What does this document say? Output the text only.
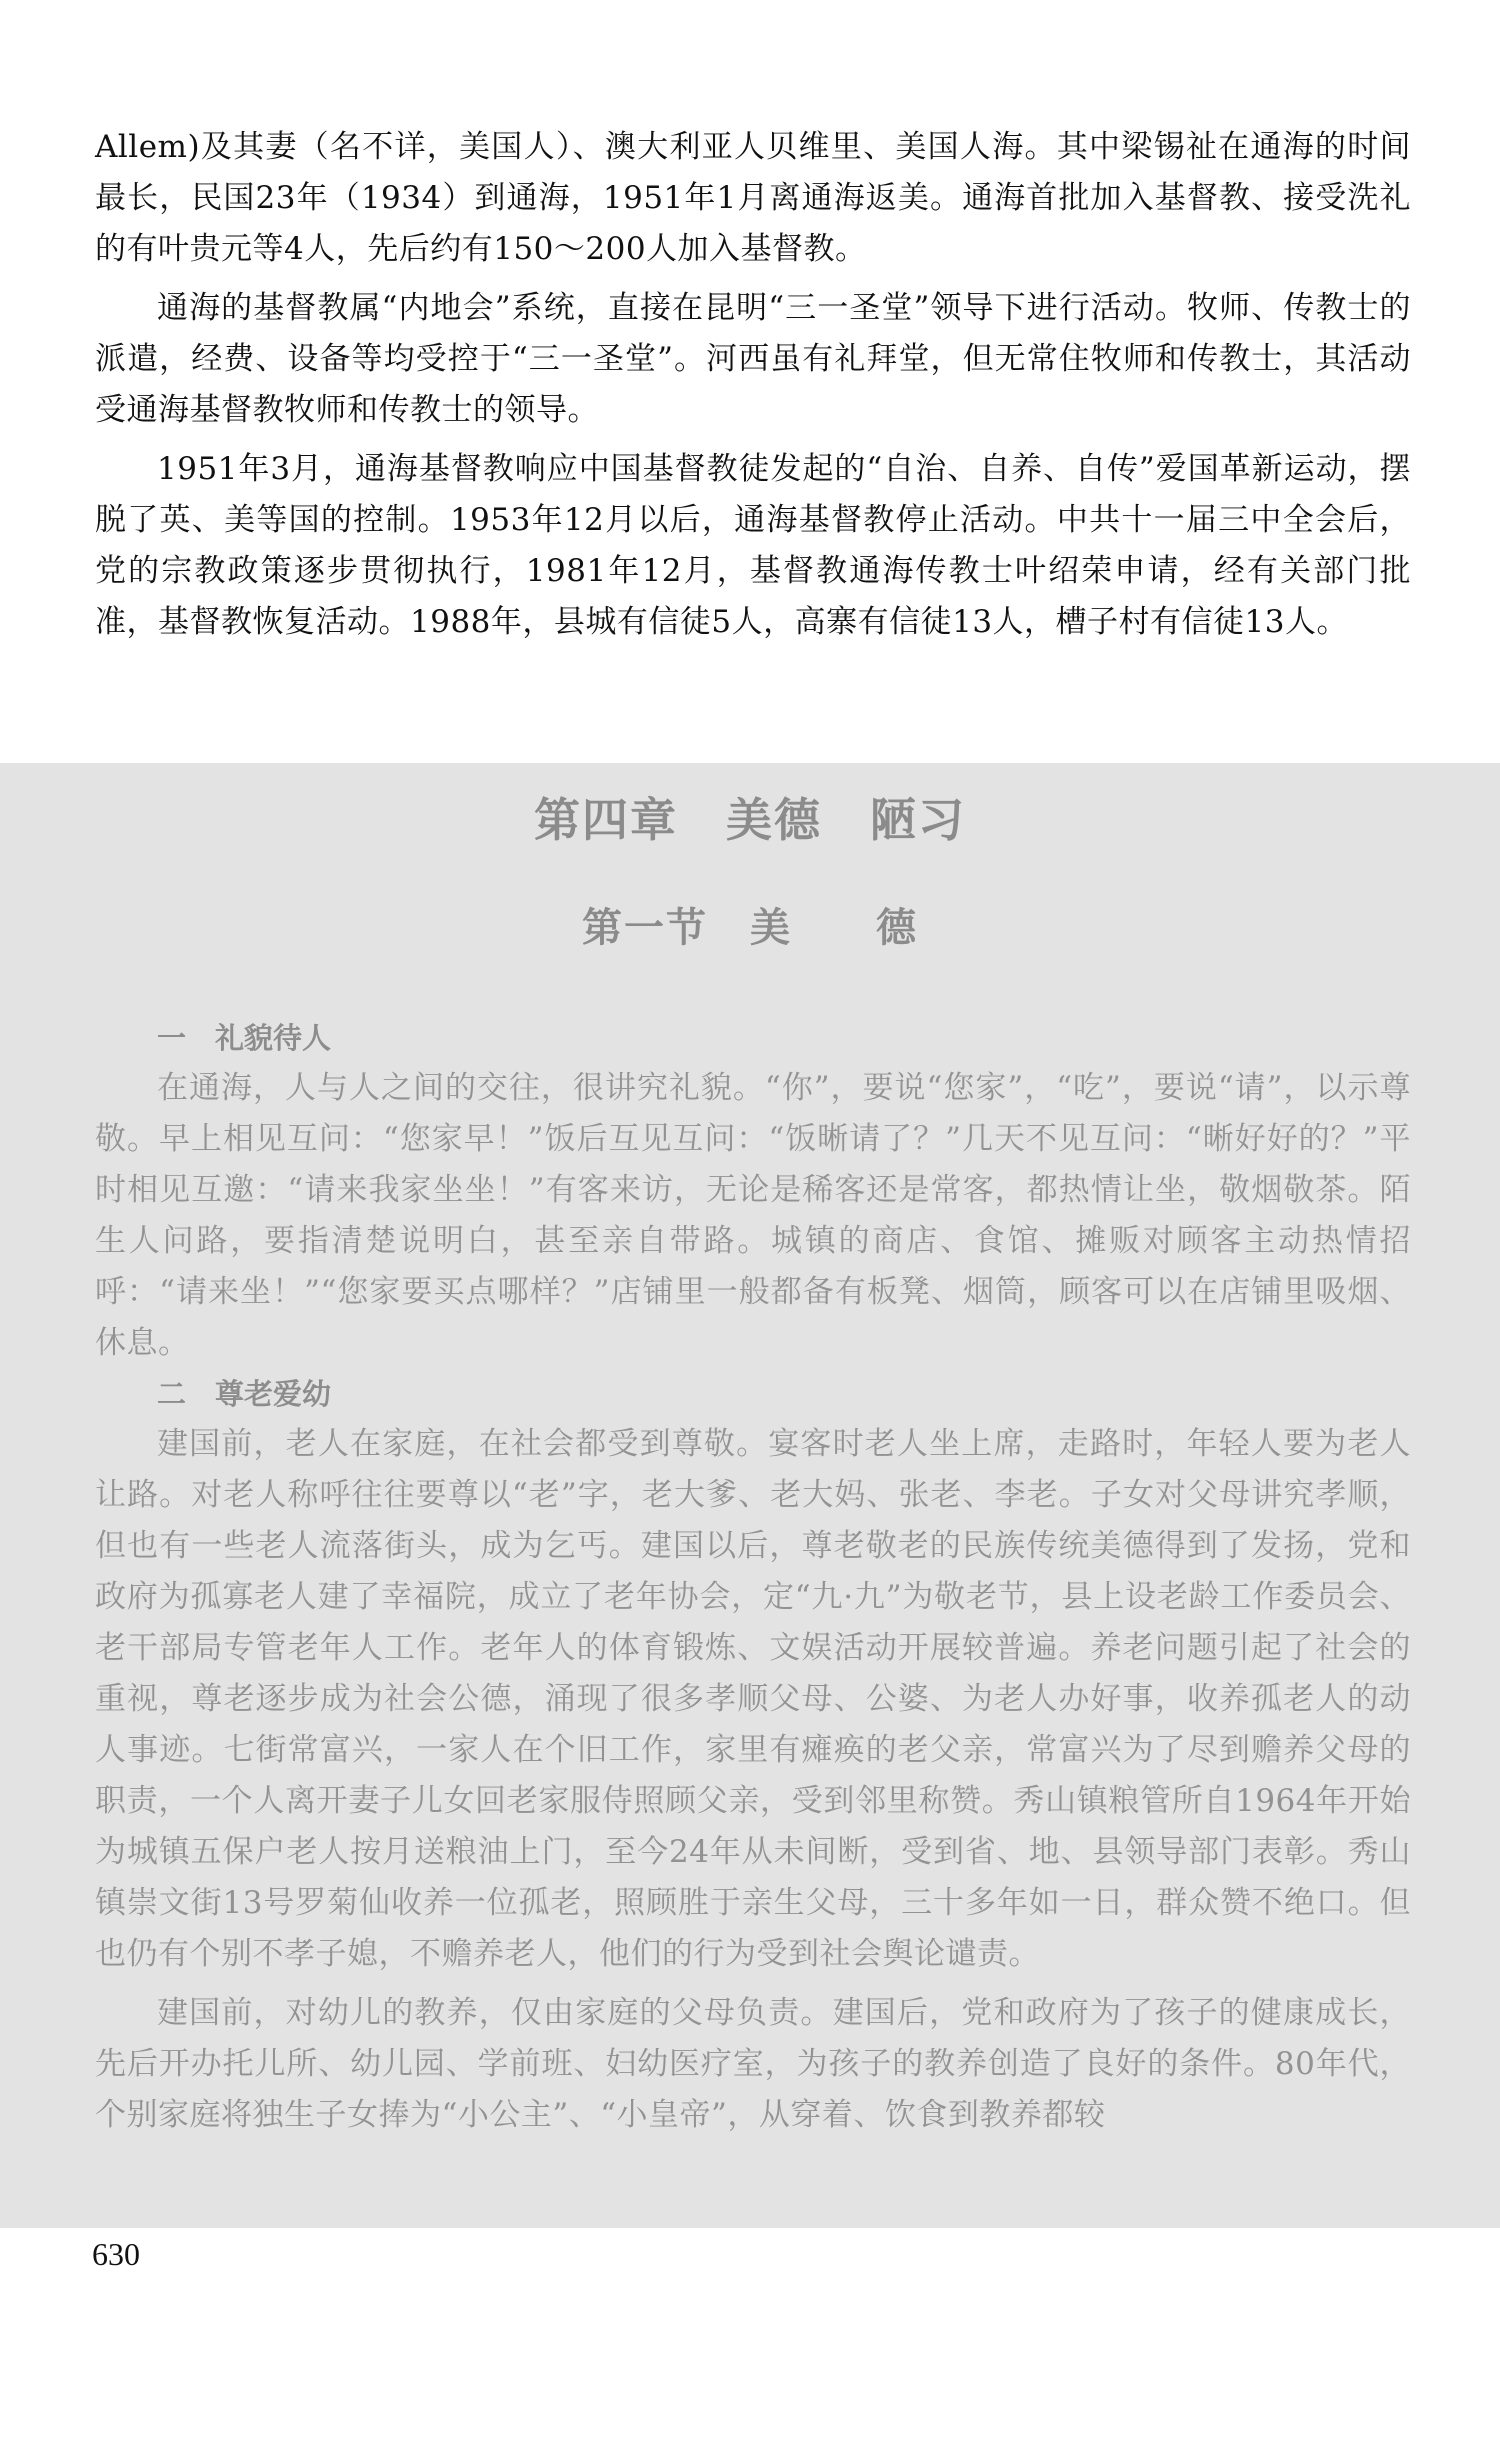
Allem)及其妻（名不详，美国人）、澳大利亚人贝维里、美国人海。其中梁锡祉在通海的时间最长，民国23年（1934）到通海，1951年1月离通海返美。通海首批加入基督教、接受洗礼的有叶贵元等4人，先后约有150～200人加入基督教。

通海的基督教属“内地会”系统，直接在昆明“三一圣堂”领导下进行活动。牧师、传教士的派遣，经费、设备等均受控于“三一圣堂”。河西虽有礼拜堂，但无常住牧师和传教士，其活动受通海基督教牧师和传教士的领导。

1951年3月，通海基督教响应中国基督教徒发起的“自治、自养、自传”爱国革新运动，摆脱了英、美等国的控制。1953年12月以后，通海基督教停止活动。中共十一届三中全会后，党的宗教政策逐步贯彻执行，1981年12月，基督教通海传教士叶绍荣申请，经有关部门批准，基督教恢复活动。1988年，县城有信徒5人，高寨有信徒13人，槽子村有信徒13人。

第四章　美德　陋习
第一节　美　　德
一　礼貌待人

在通海，人与人之间的交往，很讲究礼貌。“你”，要说“您家”，“吃”，要说“请”，以示尊敬。早上相见互问：“您家早！”饭后互见互问：“饭晰请了？”几天不见互问：“晰好好的？”平时相见互邀：“请来我家坐坐！”有客来访，无论是稀客还是常客，都热情让坐，敬烟敬茶。陌生人问路，要指清楚说明白，甚至亲自带路。城镇的商店、食馆、摊贩对顾客主动热情招呼：“请来坐！”“您家要买点哪样？”店铺里一般都备有板凳、烟筒，顾客可以在店铺里吸烟、休息。

二　尊老爱幼

建国前，老人在家庭，在社会都受到尊敬。宴客时老人坐上席，走路时，年轻人要为老人让路。对老人称呼往往要尊以“老”字，老大爹、老大妈、张老、李老。子女对父母讲究孝顺，但也有一些老人流落街头，成为乞丐。建国以后，尊老敬老的民族传统美德得到了发扬，党和政府为孤寡老人建了幸福院，成立了老年协会，定“九·九”为敬老节，县上设老龄工作委员会、老干部局专管老年人工作。老年人的体育锻炼、文娱活动开展较普遍。养老问题引起了社会的重视，尊老逐步成为社会公德，涌现了很多孝顺父母、公婆、为老人办好事，收养孤老人的动人事迹。七街常富兴，一家人在个旧工作，家里有瘫痪的老父亲，常富兴为了尽到赡养父母的职责，一个人离开妻子儿女回老家服侍照顾父亲，受到邻里称赞。秀山镇粮管所自1964年开始为城镇五保户老人按月送粮油上门，至今24年从未间断，受到省、地、县领导部门表彰。秀山镇崇文街13号罗菊仙收养一位孤老，照顾胜于亲生父母，三十多年如一日，群众赞不绝口。但也仍有个别不孝子媳，不赡养老人，他们的行为受到社会舆论谴责。

建国前，对幼儿的教养，仅由家庭的父母负责。建国后，党和政府为了孩子的健康成长，先后开办托儿所、幼儿园、学前班、妇幼医疗室，为孩子的教养创造了良好的条件。80年代，个别家庭将独生子女捧为“小公主”、“小皇帝”，从穿着、饮食到教养都较

630
